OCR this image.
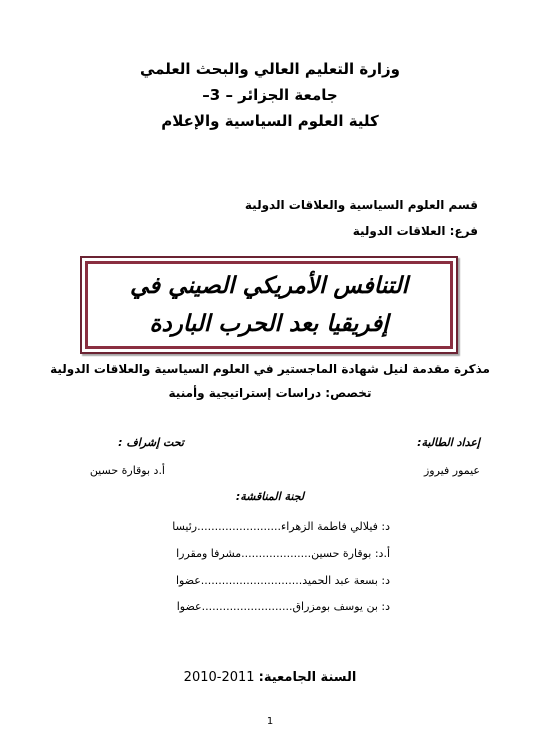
وزارة التعليم العالي والبحث العلمي
جامعة الجزائر – 3–
كلية العلوم السياسية والإعلام
قسم العلوم السياسية والعلاقات الدولية
فرع: العلاقات الدولية
التنافس الأمريكي الصيني في إفريقيا بعد الحرب الباردة
مذكرة مقدمة لنيل شهادة الماجستير في العلوم السياسية والعلاقات الدولية
تخصص: دراسات إستراتيجية وأمنية
إعداد الطالبة:
تحت إشراف :
عيمور فيروز
أ.د بوقارة حسين
لجنة المناقشة:
د: فيلالي فاطمة الزهراء........................رئيسا
أ.د: بوقارة حسين....................مشرفا ومقررا
د: بسعة عبد الحميد.............................عضوا
د: بن يوسف بومزراق..........................عضوا
السنة الجامعية: 2010-2011
1
